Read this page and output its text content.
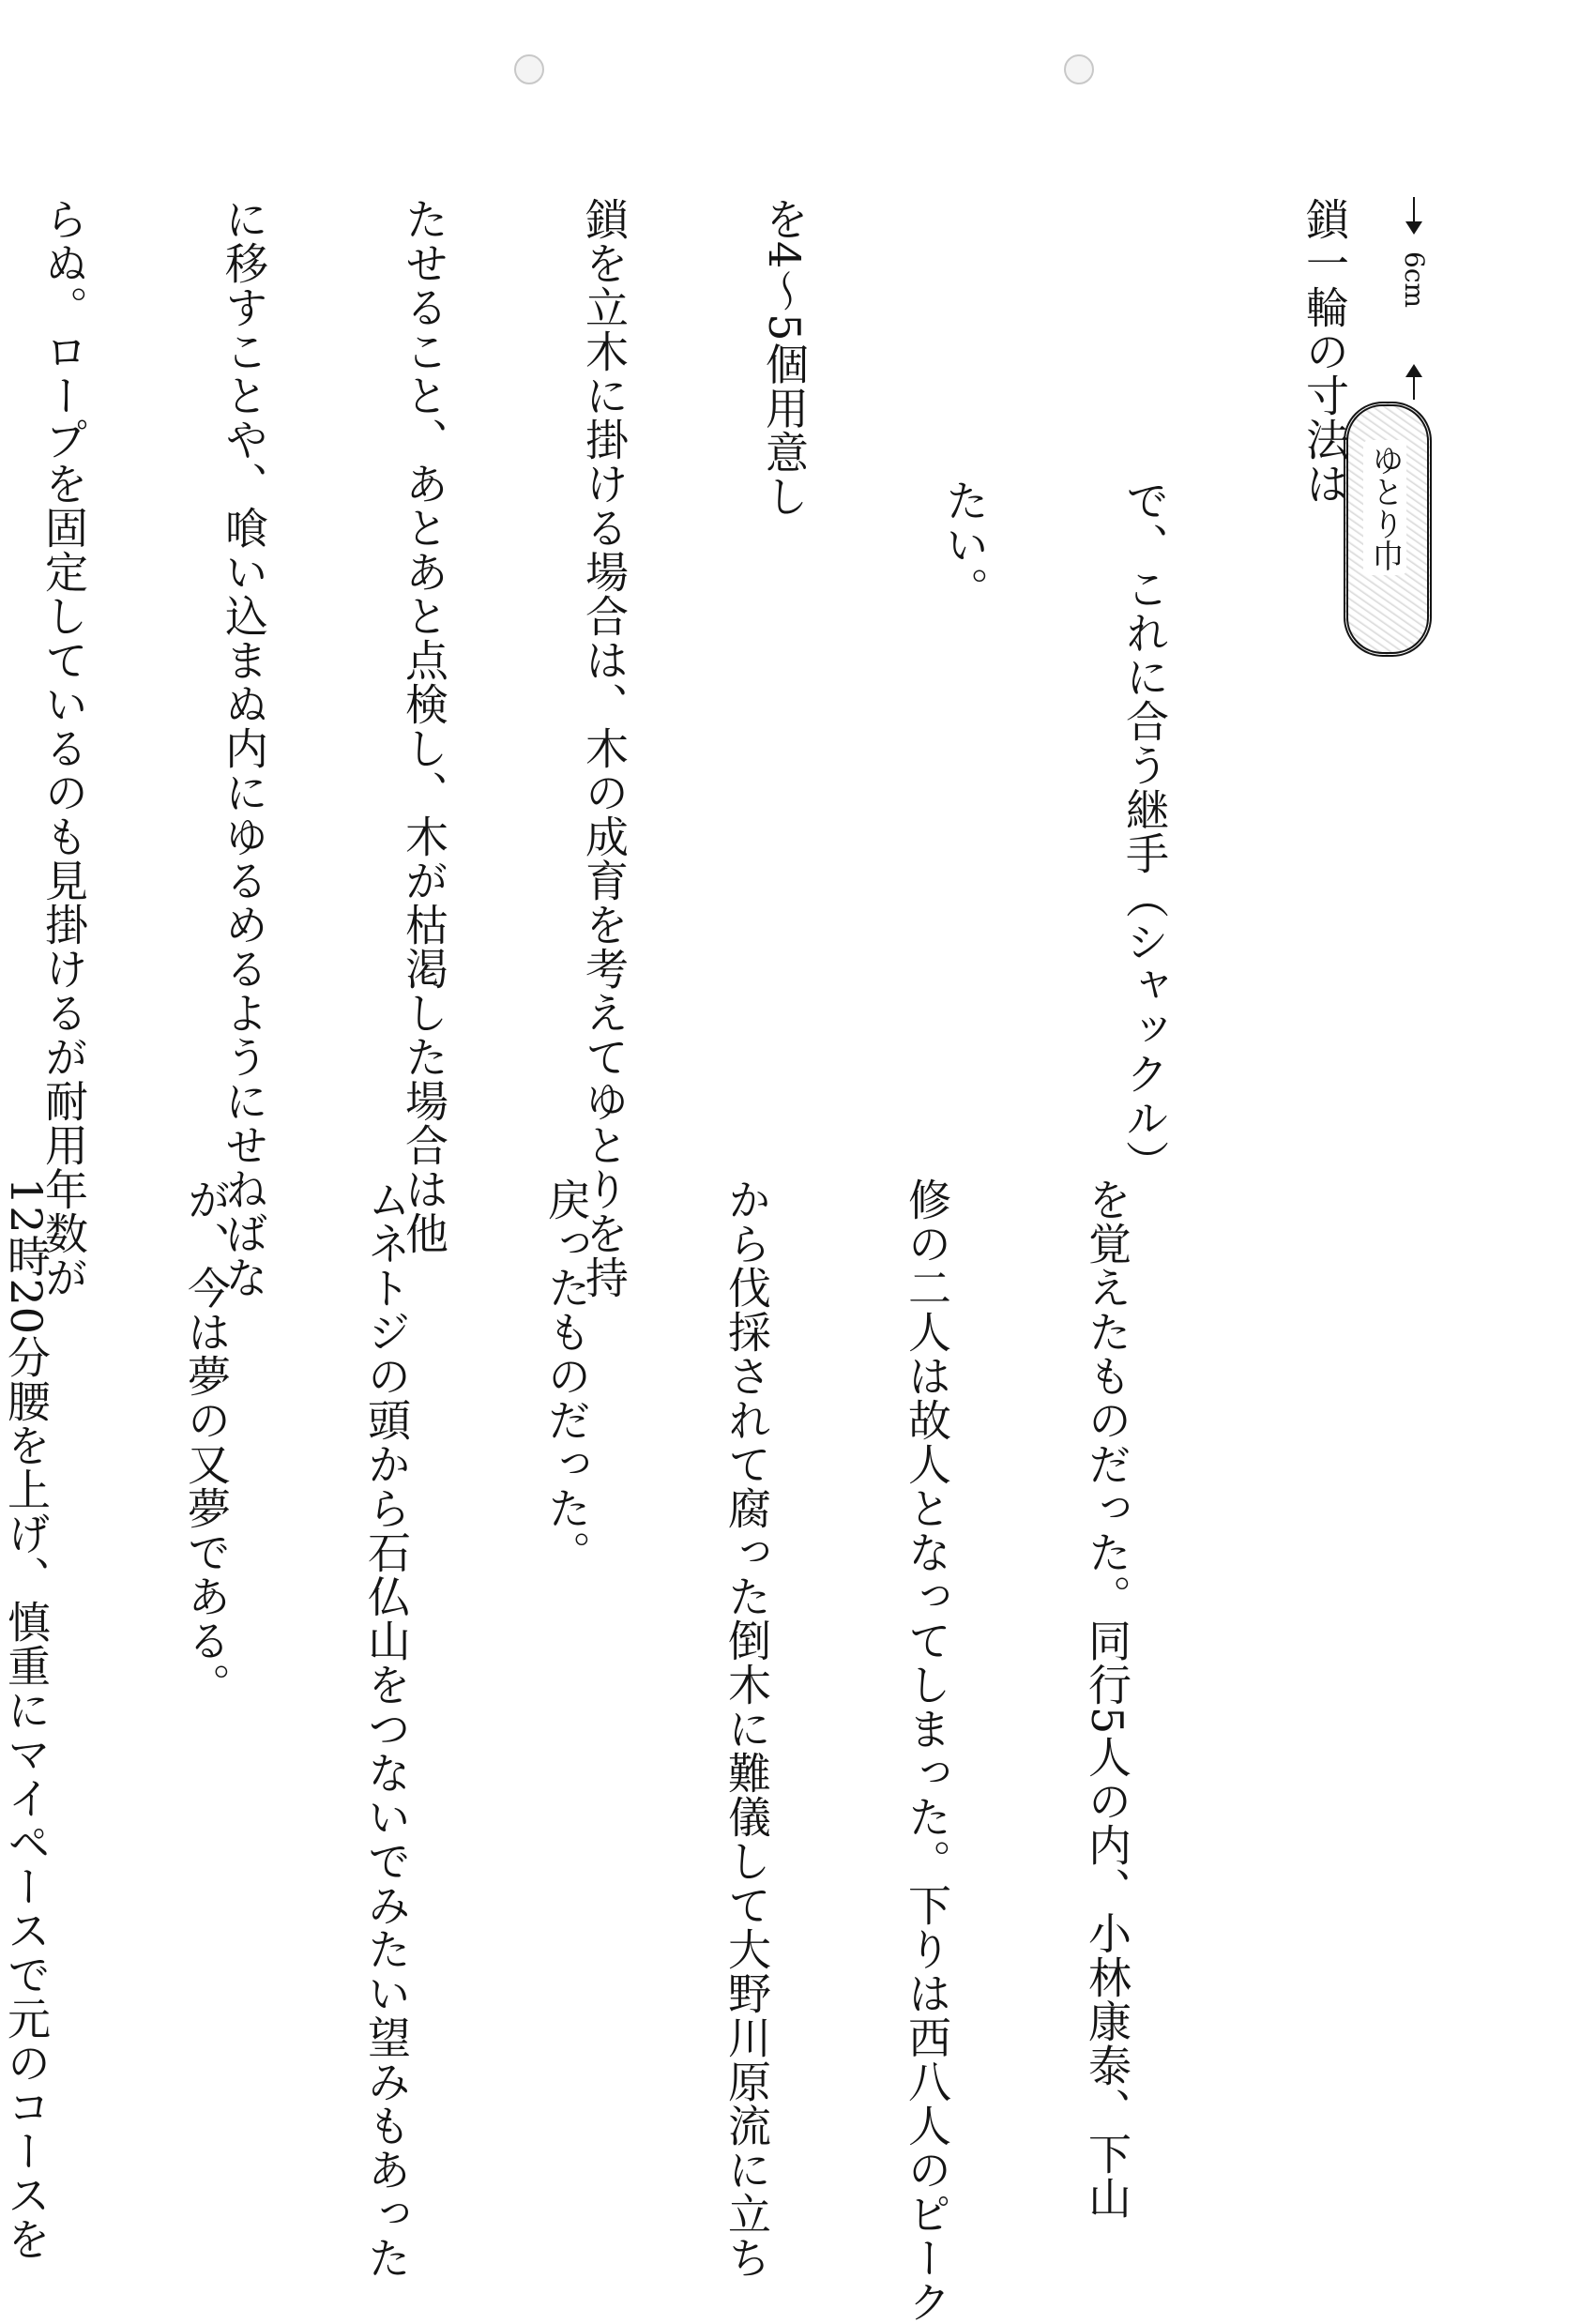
6cm
ゆとり巾

鎖一輪の寸法は

で、これに合う継手（シャックル）

たい。

を4～5個用意し

鎖を立木に掛ける場合は、木の成育を考えてゆとりを持

たせること、あとあと点検し、木が枯渇した場合は他

に移すことや、喰い込まぬ内にゆるめるようにせねばな

らぬ。ロープを固定しているのも見掛けるが耐用年数が

を覚えたものだった。同行5人の内、小林康泰、下山

修の二人は故人となってしまった。下りは西八人のピーク

から伐採されて腐った倒木に難儀して大野川原流に立ち

戻ったものだった。

ムネトジの頭から石仏山をつないでみたい望みもあった

が、今は夢の又夢である。

12時20分腰を上げ、慎重にマイペースで元のコースを
